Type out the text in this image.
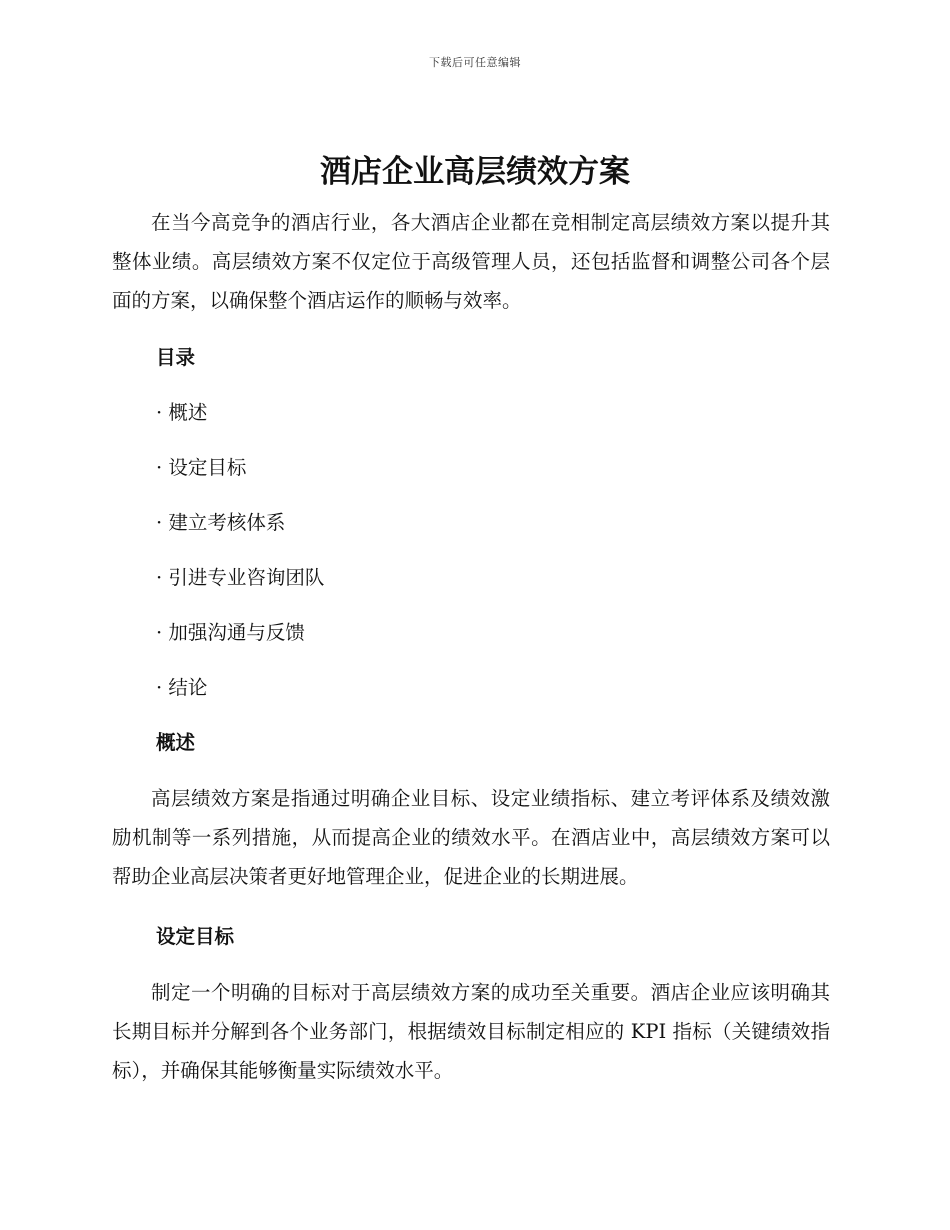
下载后可任意编辑
酒店企业高层绩效方案

在当今高竞争的酒店行业，各大酒店企业都在竞相制定高层绩效方案以提升其整体业绩。高层绩效方案不仅定位于高级管理人员，还包括监督和调整公司各个层面的方案，以确保整个酒店运作的顺畅与效率。

目录
· 概述
· 设定目标
· 建立考核体系
· 引进专业咨询团队
· 加强沟通与反馈
· 结论
概述

高层绩效方案是指通过明确企业目标、设定业绩指标、建立考评体系及绩效激励机制等一系列措施，从而提高企业的绩效水平。在酒店业中，高层绩效方案可以帮助企业高层决策者更好地管理企业，促进企业的长期进展。

设定目标

制定一个明确的目标对于高层绩效方案的成功至关重要。酒店企业应该明确其长期目标并分解到各个业务部门，根据绩效目标制定相应的 KPI 指标（关键绩效指标），并确保其能够衡量实际绩效水平。
